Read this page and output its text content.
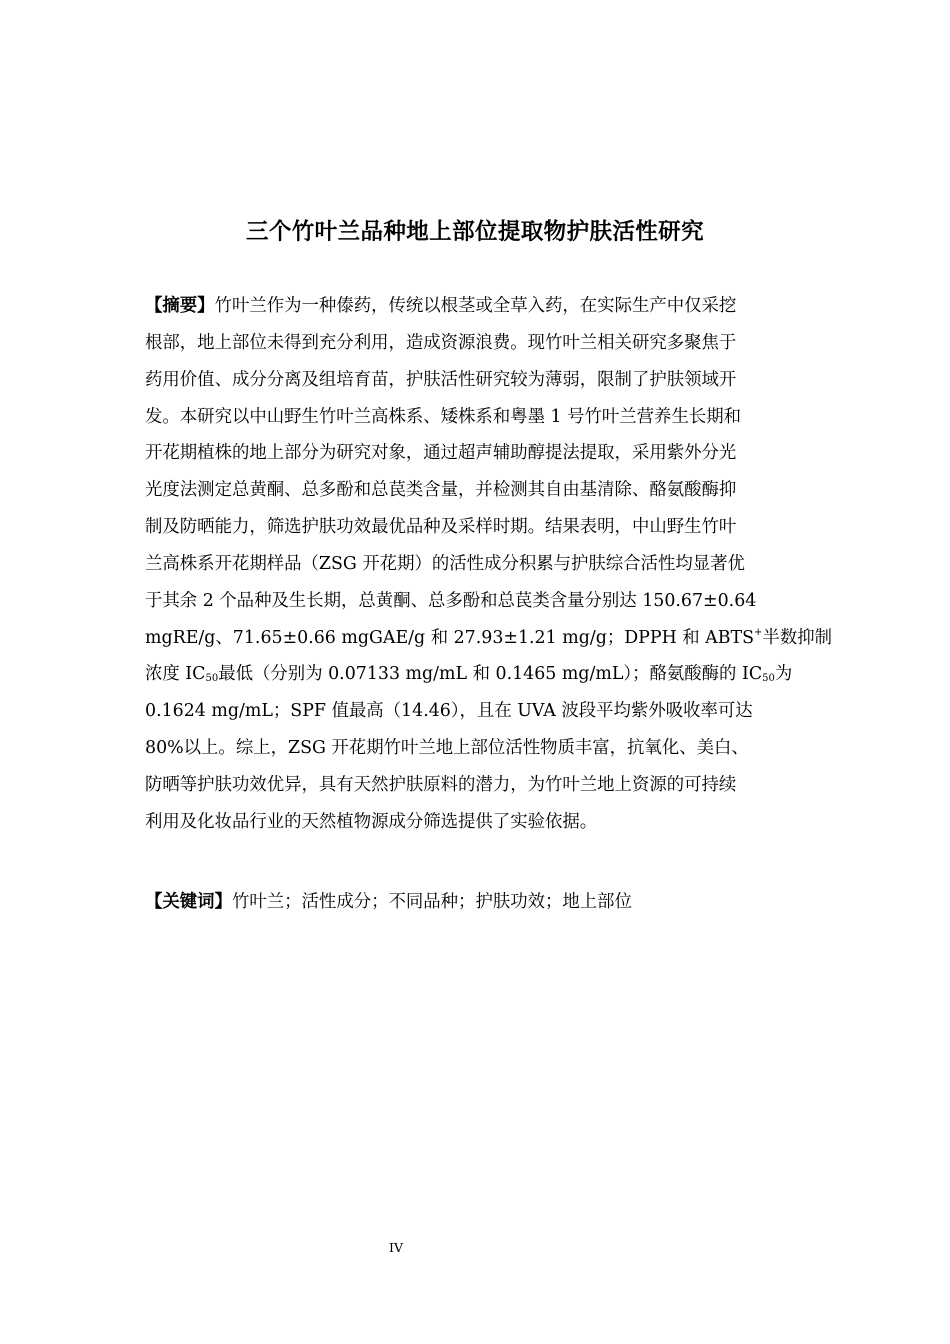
三个竹叶兰品种地上部位提取物护肤活性研究
【摘要】竹叶兰作为一种傣药，传统以根茎或全草入药，在实际生产中仅采挖
根部，地上部位未得到充分利用，造成资源浪费。现竹叶兰相关研究多聚焦于
药用价值、成分分离及组培育苗，护肤活性研究较为薄弱，限制了护肤领域开
发。本研究以中山野生竹叶兰高株系、矮株系和粤墨 1 号竹叶兰营养生长期和
开花期植株的地上部分为研究对象，通过超声辅助醇提法提取，采用紫外分光
光度法测定总黄酮、总多酚和总苠类含量，并检测其自由基清除、酪氨酸酶抑
制及防晒能力，筛选护肤功效最优品种及采样时期。结果表明，中山野生竹叶
兰高株系开花期样品（ZSG 开花期）的活性成分积累与护肤综合活性均显著优
于其余 2 个品种及生长期，总黄酮、总多酚和总苠类含量分别达 150.67±0.64
mgRE/g、71.65±0.66 mgGAE/g 和 27.93±1.21 mg/g；DPPH 和 ABTS+半数抑制
浓度 $IC_{50}$最低（分别为 0.07133 mg/mL 和 0.1465 mg/mL）；酪氨酸酶的 $IC_{50}$为
0.1624 mg/mL；SPF 值最高（14.46），且在 UVA 波段平均紫外吸收率可达
80%以上。综上，ZSG 开花期竹叶兰地上部位活性物质丰富，抗氧化、美白、
防晒等护肤功效优异，具有天然护肤原料的潜力，为竹叶兰地上资源的可持续
利用及化妆品行业的天然植物源成分筛选提供了实验依据。
【关键词】竹叶兰；活性成分；不同品种；护肤功效；地上部位
IV
